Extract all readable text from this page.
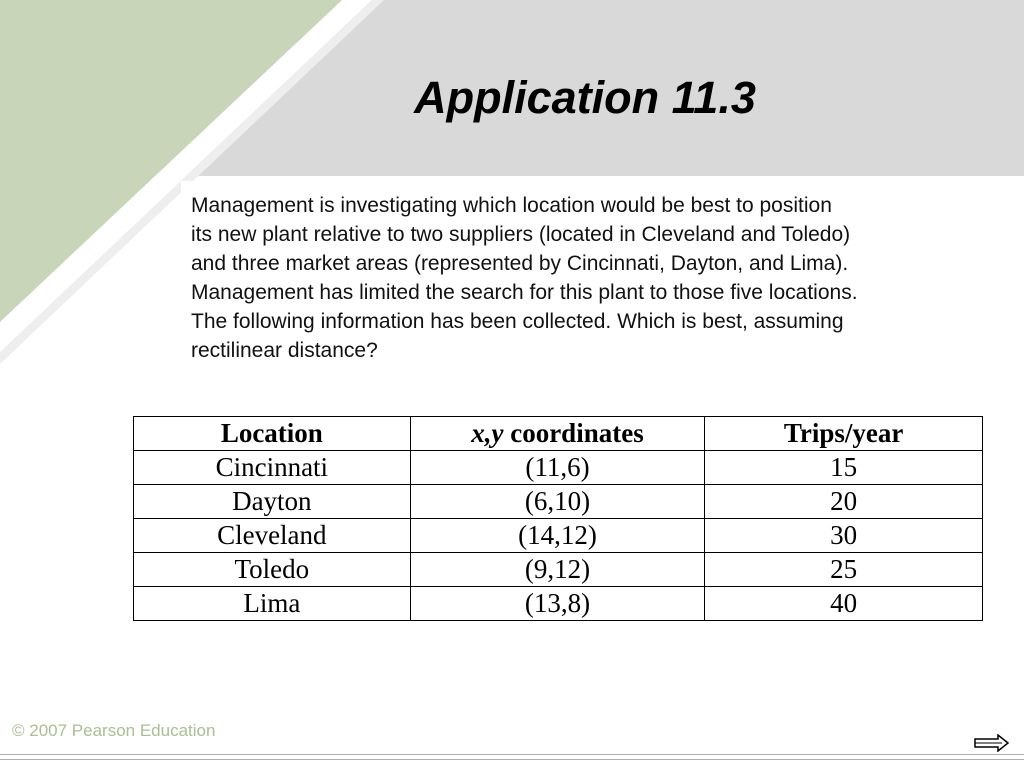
Application 11.3

Management is investigating which location would be best to position
its new plant relative to two suppliers (located in Cleveland and Toledo)
and three market areas (represented by Cincinnati, Dayton, and Lima).
Management has limited the search for this plant to those five locations.
The following information has been collected. Which is best, assuming
rectilinear distance?

Location	x,y coordinates	Trips/year
Cincinnati	(11,6)	15
Dayton	(6,10)	20
Cleveland	(14,12)	30
Toledo	(9,12)	25
Lima	(13,8)	40
© 2007 Pearson Education
